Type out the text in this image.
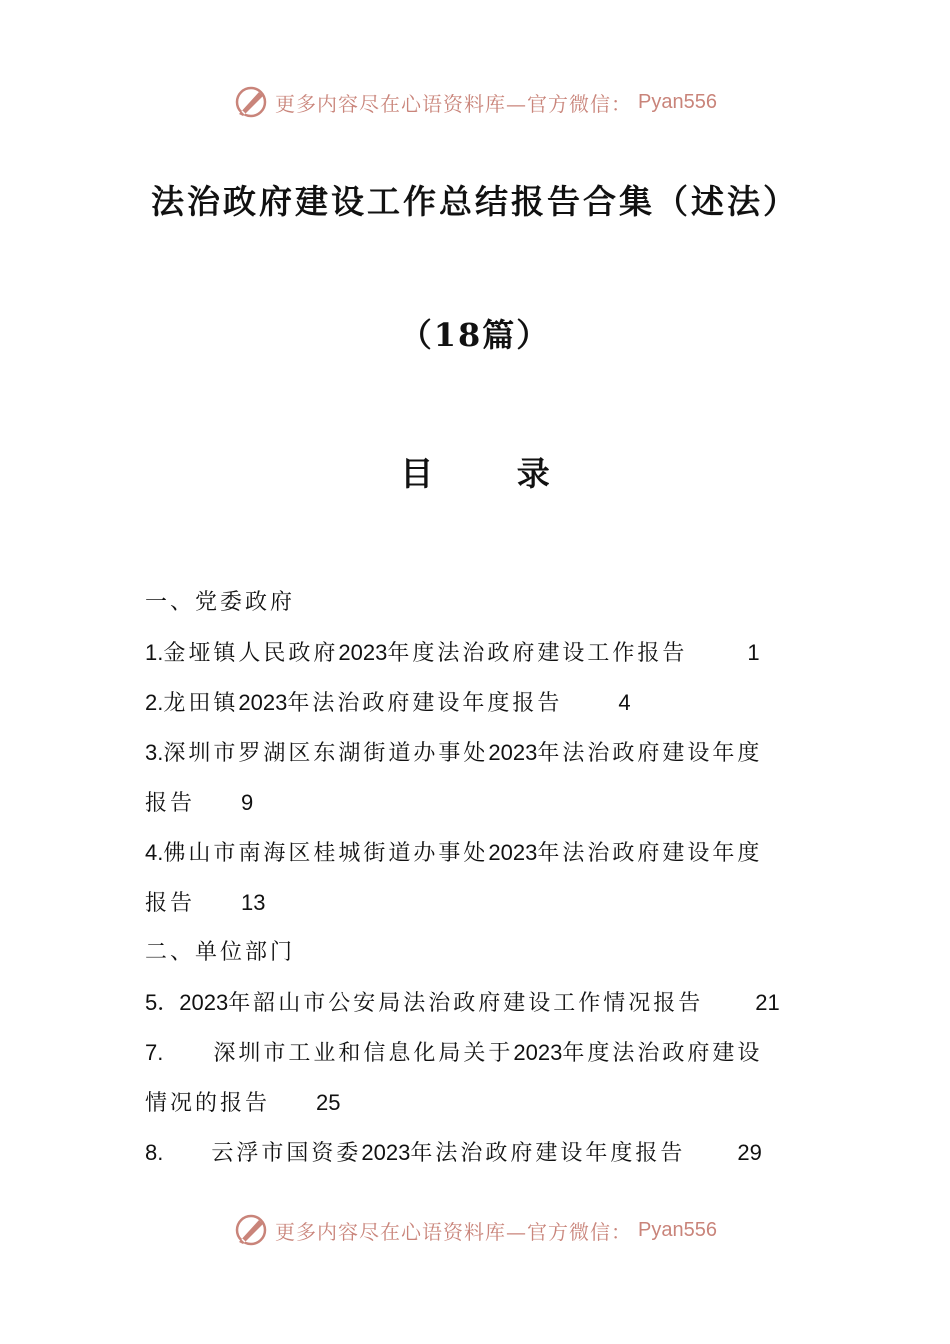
更多内容尽在心语资料库—官方微信： Pyan556
法治政府建设工作总结报告合集（述法）
（18篇）
目 录
一、党委政府
1.金垭镇人民政府2023年度法治政府建设工作报告	1
2.龙田镇2023年法治政府建设年度报告	4
3.深圳市罗湖区东湖街道办事处2023年法治政府建设年度
报告 9
4.佛山市南海区桂城街道办事处2023年法治政府建设年度
报告 13
二、单位部门
5．2023年韶山市公安局法治政府建设工作情况报告 21
7. 深圳市工业和信息化局关于2023年度法治政府建设
情况的报告 25
8. 云浮市国资委2023年法治政府建设年度报告 29
更多内容尽在心语资料库—官方微信： Pyan556
